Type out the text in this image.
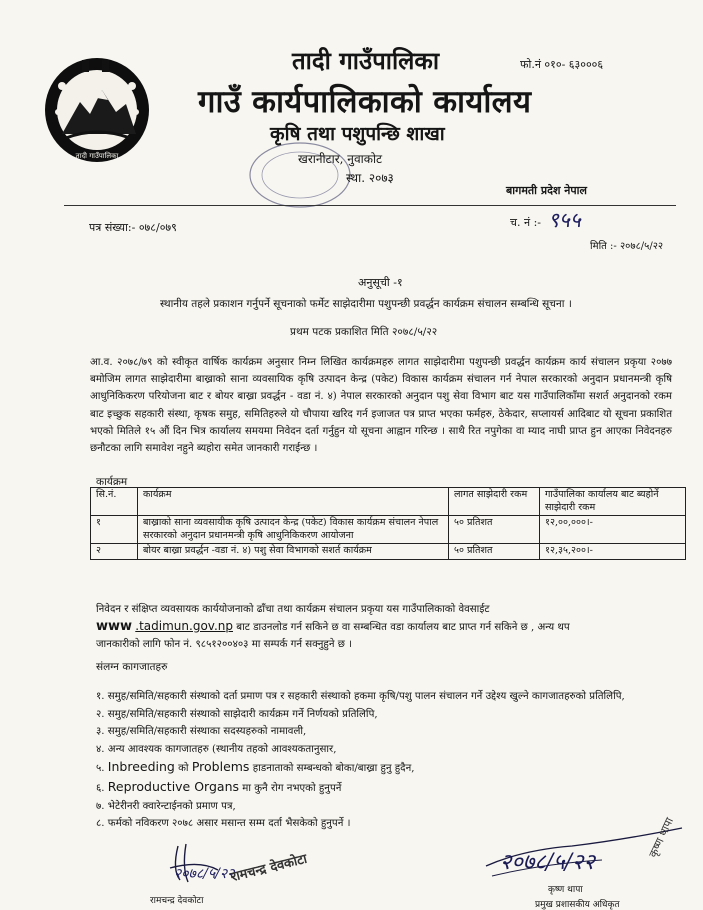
तादी गाउँपालिका
तादी गाउँपालिका
गाउँ कार्यपालिकाको कार्यालय
कृषि तथा पशुपन्छि शाखा
खरानीटार, नुवाकोट
स्था. २०७३
फो.नं ०१०- ६३०००६
बागमती प्रदेश नेपाल
पत्र संख्या:- ०७८/०७९	च. नं :- ९५५
मिति :- २०७८/५/२२
अनुसूची -१
स्थानीय तहले प्रकाशन गर्नुपर्ने सूचनाको फर्मेट साझेदारीमा पशुपन्छी प्रवर्द्धन कार्यक्रम संचालन सम्बन्धि सूचना ।
प्रथम पटक प्रकाशित मिति २०७८/५/२२
आ.व. २०७८/७९ को स्वीकृत वार्षिक कार्यक्रम अनुसार निम्न लिखित कार्यक्रमहरु लागत साझेदारीमा पशुपन्छी प्रवर्द्धन कार्यक्रम कार्य संचालन प्रकृया २०७७ बमोजिम लागत साझेदारीमा बाख्राको साना व्यवसायिक कृषि उत्पादन केन्द्र (पकेट) विकास कार्यक्रम संचालन गर्न नेपाल सरकारको अनुदान प्रधानमन्त्री कृषि आधुनिकिकरण परियोजना बाट र बोयर बाख्रा प्रवर्द्धन - वडा नं. ४) नेपाल सरकारको अनुदान पशु सेवा विभाग बाट यस गाउँपालिकाँमा सशर्त अनुदानको रकम बाट इच्छुक सहकारी संस्था, कृषक समुह, समितिहरुले यो चौपाया खरिद गर्न इजाजत पत्र प्राप्त भएका फर्महरु, ठेकेदार, सप्लायर्स आदिबाट यो सूचना प्रकाशित भएको मितिले १५ औं दिन भित्र कार्यालय समयमा निवेदन दर्ता गर्नुहुन यो सूचना आह्वान गरिन्छ । साथै रित नपुगेका वा म्याद नाघी प्राप्त हुन आएका निवेदनहरु छनौटका लागि समावेश नहुने ब्यहोरा समेत जानकारी गराईन्छ ।
कार्यक्रम
सि.नं.	कार्यक्रम	लागत साझेदारी रकम	गाउँपालिका कार्यालय बाट ब्यहोर्ने साझेदारी रकम
१	बाख्राको साना व्यवसायीक कृषि उत्पादन केन्द्र (पकेट) विकास कार्यक्रम संचालन नेपाल सरकारको अनुदान प्रधानमन्त्री कृषि आधुनिकिकरण आयोजना	५० प्रतिशत	१२,००,०००।-
२	बोयर बाख्रा प्रवर्द्धन -वडा नं. ४) पशु सेवा विभागको सशर्त कार्यक्रम	५० प्रतिशत	१२,३५,२००।-
निवेदन र संक्षिप्त व्यवसायक कार्ययोजनाको ढाँचा तथा कार्यक्रम संचालन प्रकृया यस गाउँपालिकाको वेवसाईट
www .tadimun.gov.np बाट डाउनलोड गर्न सकिने छ वा सम्बन्धित वडा कार्यालय बाट प्राप्त गर्न सकिने छ , अन्य थप
जानकारीको लागि फोन नं. ९८५१२००४०३ मा सम्पर्क गर्न सक्नुहुने छ ।
संलग्न कागजातहरु
१. समुह/समिति/सहकारी संस्थाको दर्ता प्रमाण पत्र र सहकारी संस्थाको हकमा कृषि/पशु पालन संचालन गर्ने उद्देश्य खुल्ने कागजातहरुको प्रतिलिपि,
२. समुह/समिति/सहकारी संस्थाको साझेदारी कार्यक्रम गर्ने निर्णयको प्रतिलिपि,
३. समुह/समिति/सहकारी संस्थाका सदस्यहरुको नामावली,
४. अन्य आवश्यक कागजातहरु (स्थानीय तहको आवश्यकतानुसार,
५. Inbreeding को Problems हाडनाताको सम्बन्धको बोका/बाख्रा हुनु हुदैन,
६. Reproductive Organs मा कुनै रोग नभएको हुनुपर्ने
७. भेटेरीनरी क्वारेन्टाईनको प्रमाण पत्र,
८. फर्मको नविकरण २०७८ असार मसान्त सम्म दर्ता भैसकेको हुनुपर्ने ।
२०७८/५/२२
रामचन्द्र देवकोटा
रामचन्द्र देवकोटा
२०७८/५/२२
कृष्ण थापा
कृष्ण थापा
प्रमुख प्रशासकीय अधिकृत
